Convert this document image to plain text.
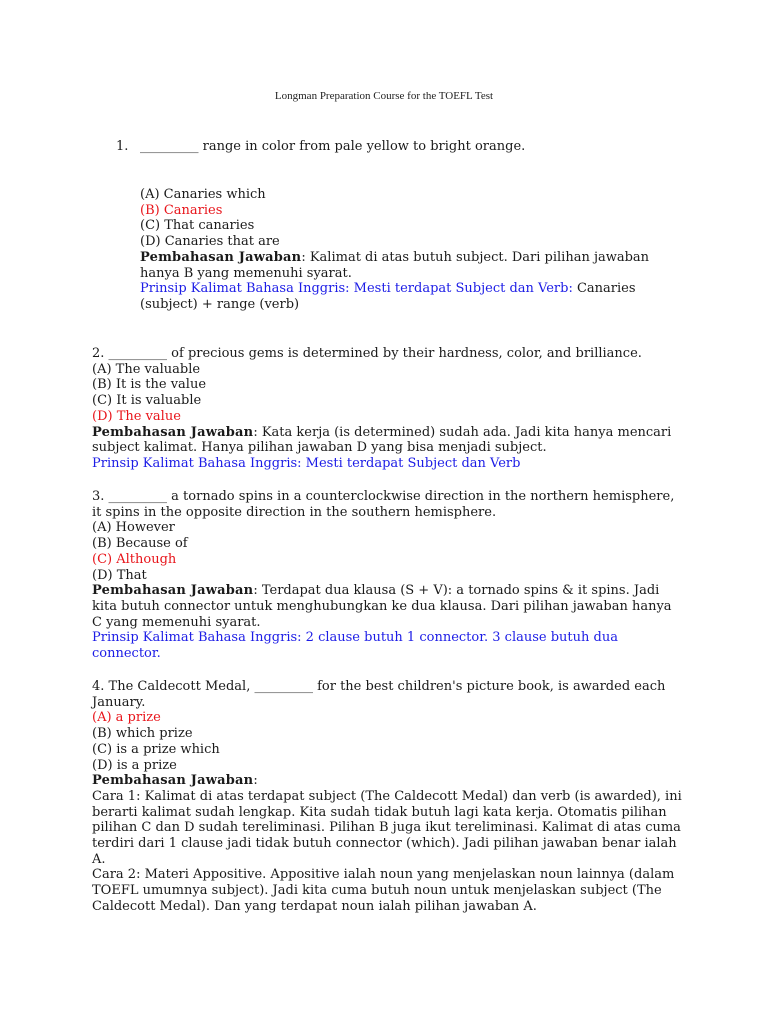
Longman Preparation Course for the TOEFL Test
1. _________ range in color from pale yellow to bright orange.
(A) Canaries which
(B) Canaries
(C) That canaries
(D) Canaries that are
Pembahasan Jawaban: Kalimat di atas butuh subject. Dari pilihan jawaban hanya B yang memenuhi syarat.
Prinsip Kalimat Bahasa Inggris: Mesti terdapat Subject dan Verb: Canaries (subject) + range (verb)
2. _________ of precious gems is determined by their hardness, color, and brilliance.
(A) The valuable
(B) It is the value
(C) It is valuable
(D) The value
Pembahasan Jawaban: Kata kerja (is determined) sudah ada. Jadi kita hanya mencari subject kalimat. Hanya pilihan jawaban D yang bisa menjadi subject.
Prinsip Kalimat Bahasa Inggris: Mesti terdapat Subject dan Verb
3. _________ a tornado spins in a counterclockwise direction in the northern hemisphere, it spins in the opposite direction in the southern hemisphere.
(A) However
(B) Because of
(C) Although
(D) That
Pembahasan Jawaban: Terdapat dua klausa (S + V): a tornado spins & it spins. Jadi kita butuh connector untuk menghubungkan ke dua klausa. Dari pilihan jawaban hanya C yang memenuhi syarat.
Prinsip Kalimat Bahasa Inggris: 2 clause butuh 1 connector. 3 clause butuh dua connector.
4. The Caldecott Medal, _________ for the best children's picture book, is awarded each January.
(A) a prize
(B) which prize
(C) is a prize which
(D) is a prize
Pembahasan Jawaban:
Cara 1: Kalimat di atas terdapat subject (The Caldecott Medal) dan verb (is awarded), ini berarti kalimat sudah lengkap. Kita sudah tidak butuh lagi kata kerja. Otomatis pilihan pilihan C dan D sudah tereliminasi. Pilihan B juga ikut tereliminasi. Kalimat di atas cuma terdiri dari 1 clause jadi tidak butuh connector (which). Jadi pilihan jawaban benar ialah A.
Cara 2: Materi Appositive. Appositive ialah noun yang menjelaskan noun lainnya (dalam TOEFL umumnya subject). Jadi kita cuma butuh noun untuk menjelaskan subject (The Caldecott Medal). Dan yang terdapat noun ialah pilihan jawaban A.
